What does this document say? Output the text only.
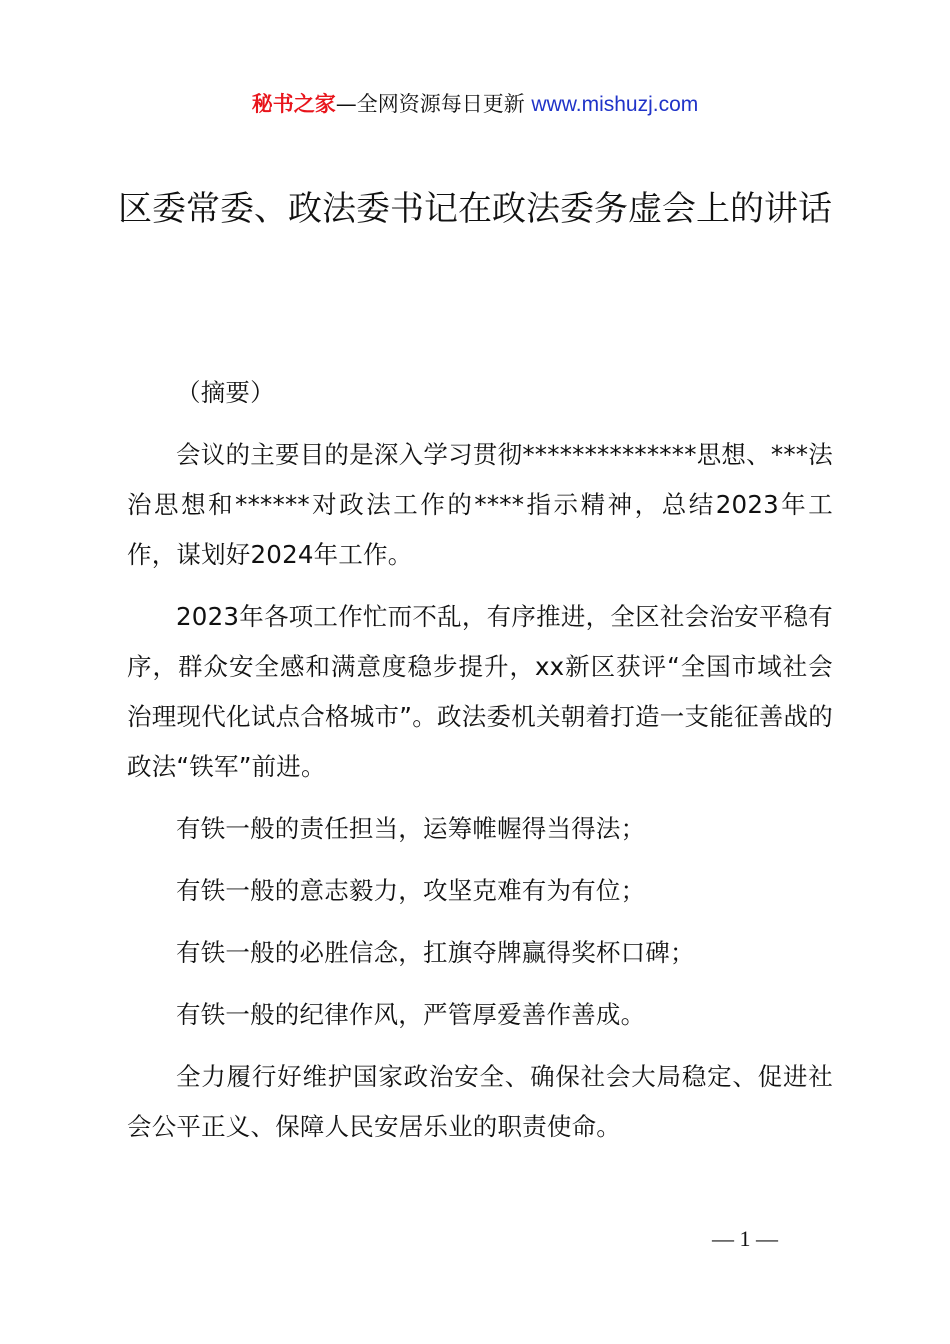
秘书之家—全网资源每日更新 www.mishuzj.com
区委常委、政法委书记在政法委务虚会上的讲话

（摘要）

会议的主要目的是深入学习贯彻**************思想、***法治思想和******对政法工作的****指示精神，总结2023年工作，谋划好2024年工作。

2023年各项工作忙而不乱，有序推进，全区社会治安平稳有序，群众安全感和满意度稳步提升，xx新区获评“全国市域社会治理现代化试点合格城市”。政法委机关朝着打造一支能征善战的政法“铁军”前进。

有铁一般的责任担当，运筹帷幄得当得法；

有铁一般的意志毅力，攻坚克难有为有位；

有铁一般的必胜信念，扛旗夺牌赢得奖杯口碑；

有铁一般的纪律作风，严管厚爱善作善成。

全力履行好维护国家政治安全、确保社会大局稳定、促进社会公平正义、保障人民安居乐业的职责使命。

— 1 —
